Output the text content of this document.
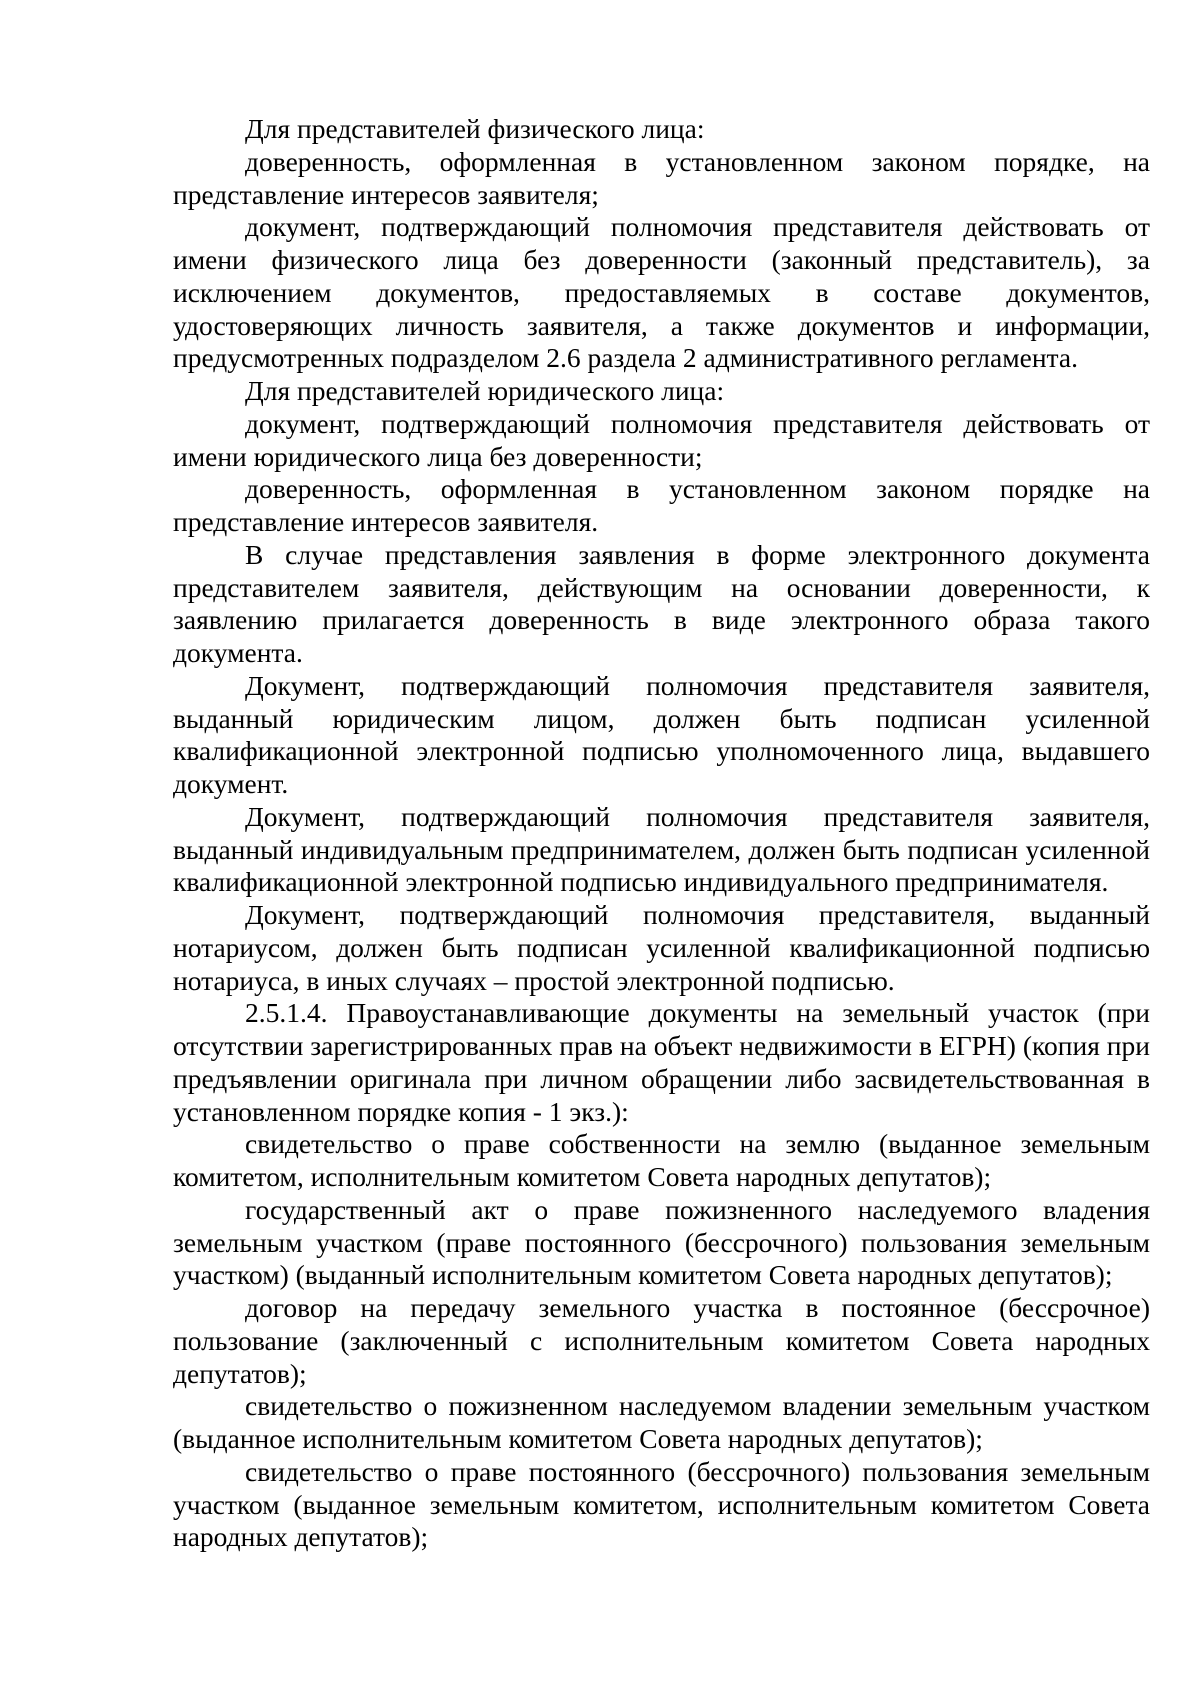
Для представителей физического лица:

доверенность, оформленная в установленном законом порядке, на представление интересов заявителя;

документ, подтверждающий полномочия представителя действовать от имени физического лица без доверенности (законный представитель), за исключением документов, предоставляемых в составе документов, удостоверяющих личность заявителя, а также документов и информации, предусмотренных подразделом 2.6 раздела 2 административного регламента.

Для представителей юридического лица:

документ, подтверждающий полномочия представителя действовать от имени юридического лица без доверенности;

доверенность, оформленная в установленном законом порядке на представление интересов заявителя.

В случае представления заявления в форме электронного документа представителем заявителя, действующим на основании доверенности, к заявлению прилагается доверенность в виде электронного образа такого документа.

Документ, подтверждающий полномочия представителя заявителя, выданный юридическим лицом, должен быть подписан усиленной квалификационной электронной подписью уполномоченного лица, выдавшего документ.

Документ, подтверждающий полномочия представителя заявителя, выданный индивидуальным предпринимателем, должен быть подписан усиленной квалификационной электронной подписью индивидуального предпринимателя.

Документ, подтверждающий полномочия представителя, выданный нотариусом, должен быть подписан усиленной квалификационной подписью нотариуса, в иных случаях – простой электронной подписью.

2.5.1.4. Правоустанавливающие документы на земельный участок (при отсутствии зарегистрированных прав на объект недвижимости в ЕГРН) (копия при предъявлении оригинала при личном обращении либо засвидетельствованная в установленном порядке копия - 1 экз.):

свидетельство о праве собственности на землю (выданное земельным комитетом, исполнительным комитетом Совета народных депутатов);

государственный акт о праве пожизненного наследуемого владения земельным участком (праве постоянного (бессрочного) пользования земельным участком) (выданный исполнительным комитетом Совета народных депутатов);

договор на передачу земельного участка в постоянное (бессрочное) пользование (заключенный с исполнительным комитетом Совета народных депутатов);

свидетельство о пожизненном наследуемом владении земельным участком (выданное исполнительным комитетом Совета народных депутатов);

свидетельство о праве постоянного (бессрочного) пользования земельным участком (выданное земельным комитетом, исполнительным комитетом Совета народных депутатов);
